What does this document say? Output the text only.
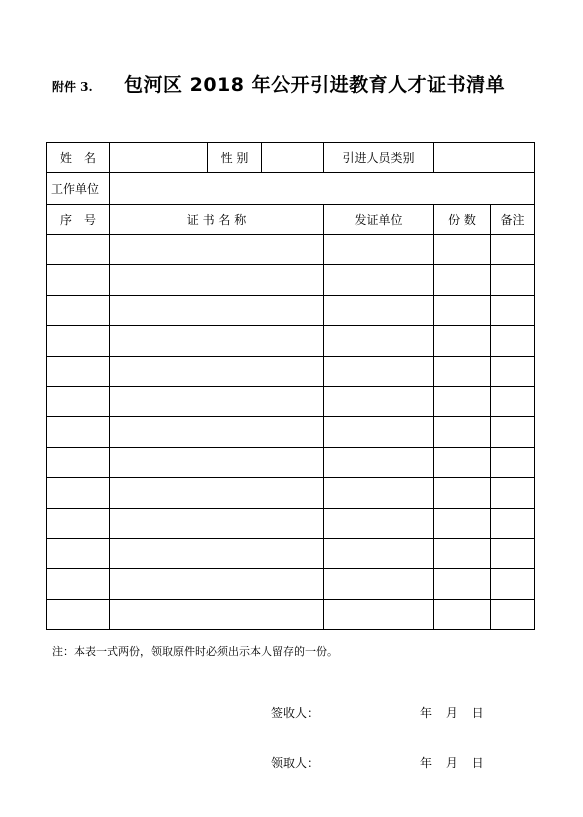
附件 3. 包河区 2018 年公开引进教育人才证书清单
姓　名		性 别		引进人员类别		
工作单位						
序　号	证 书 名 称			发证单位	份 数	备注

注：本表一式两份，领取原件时必须出示本人留存的一份。
签收人：	年 月 日
领取人：	年 月 日
